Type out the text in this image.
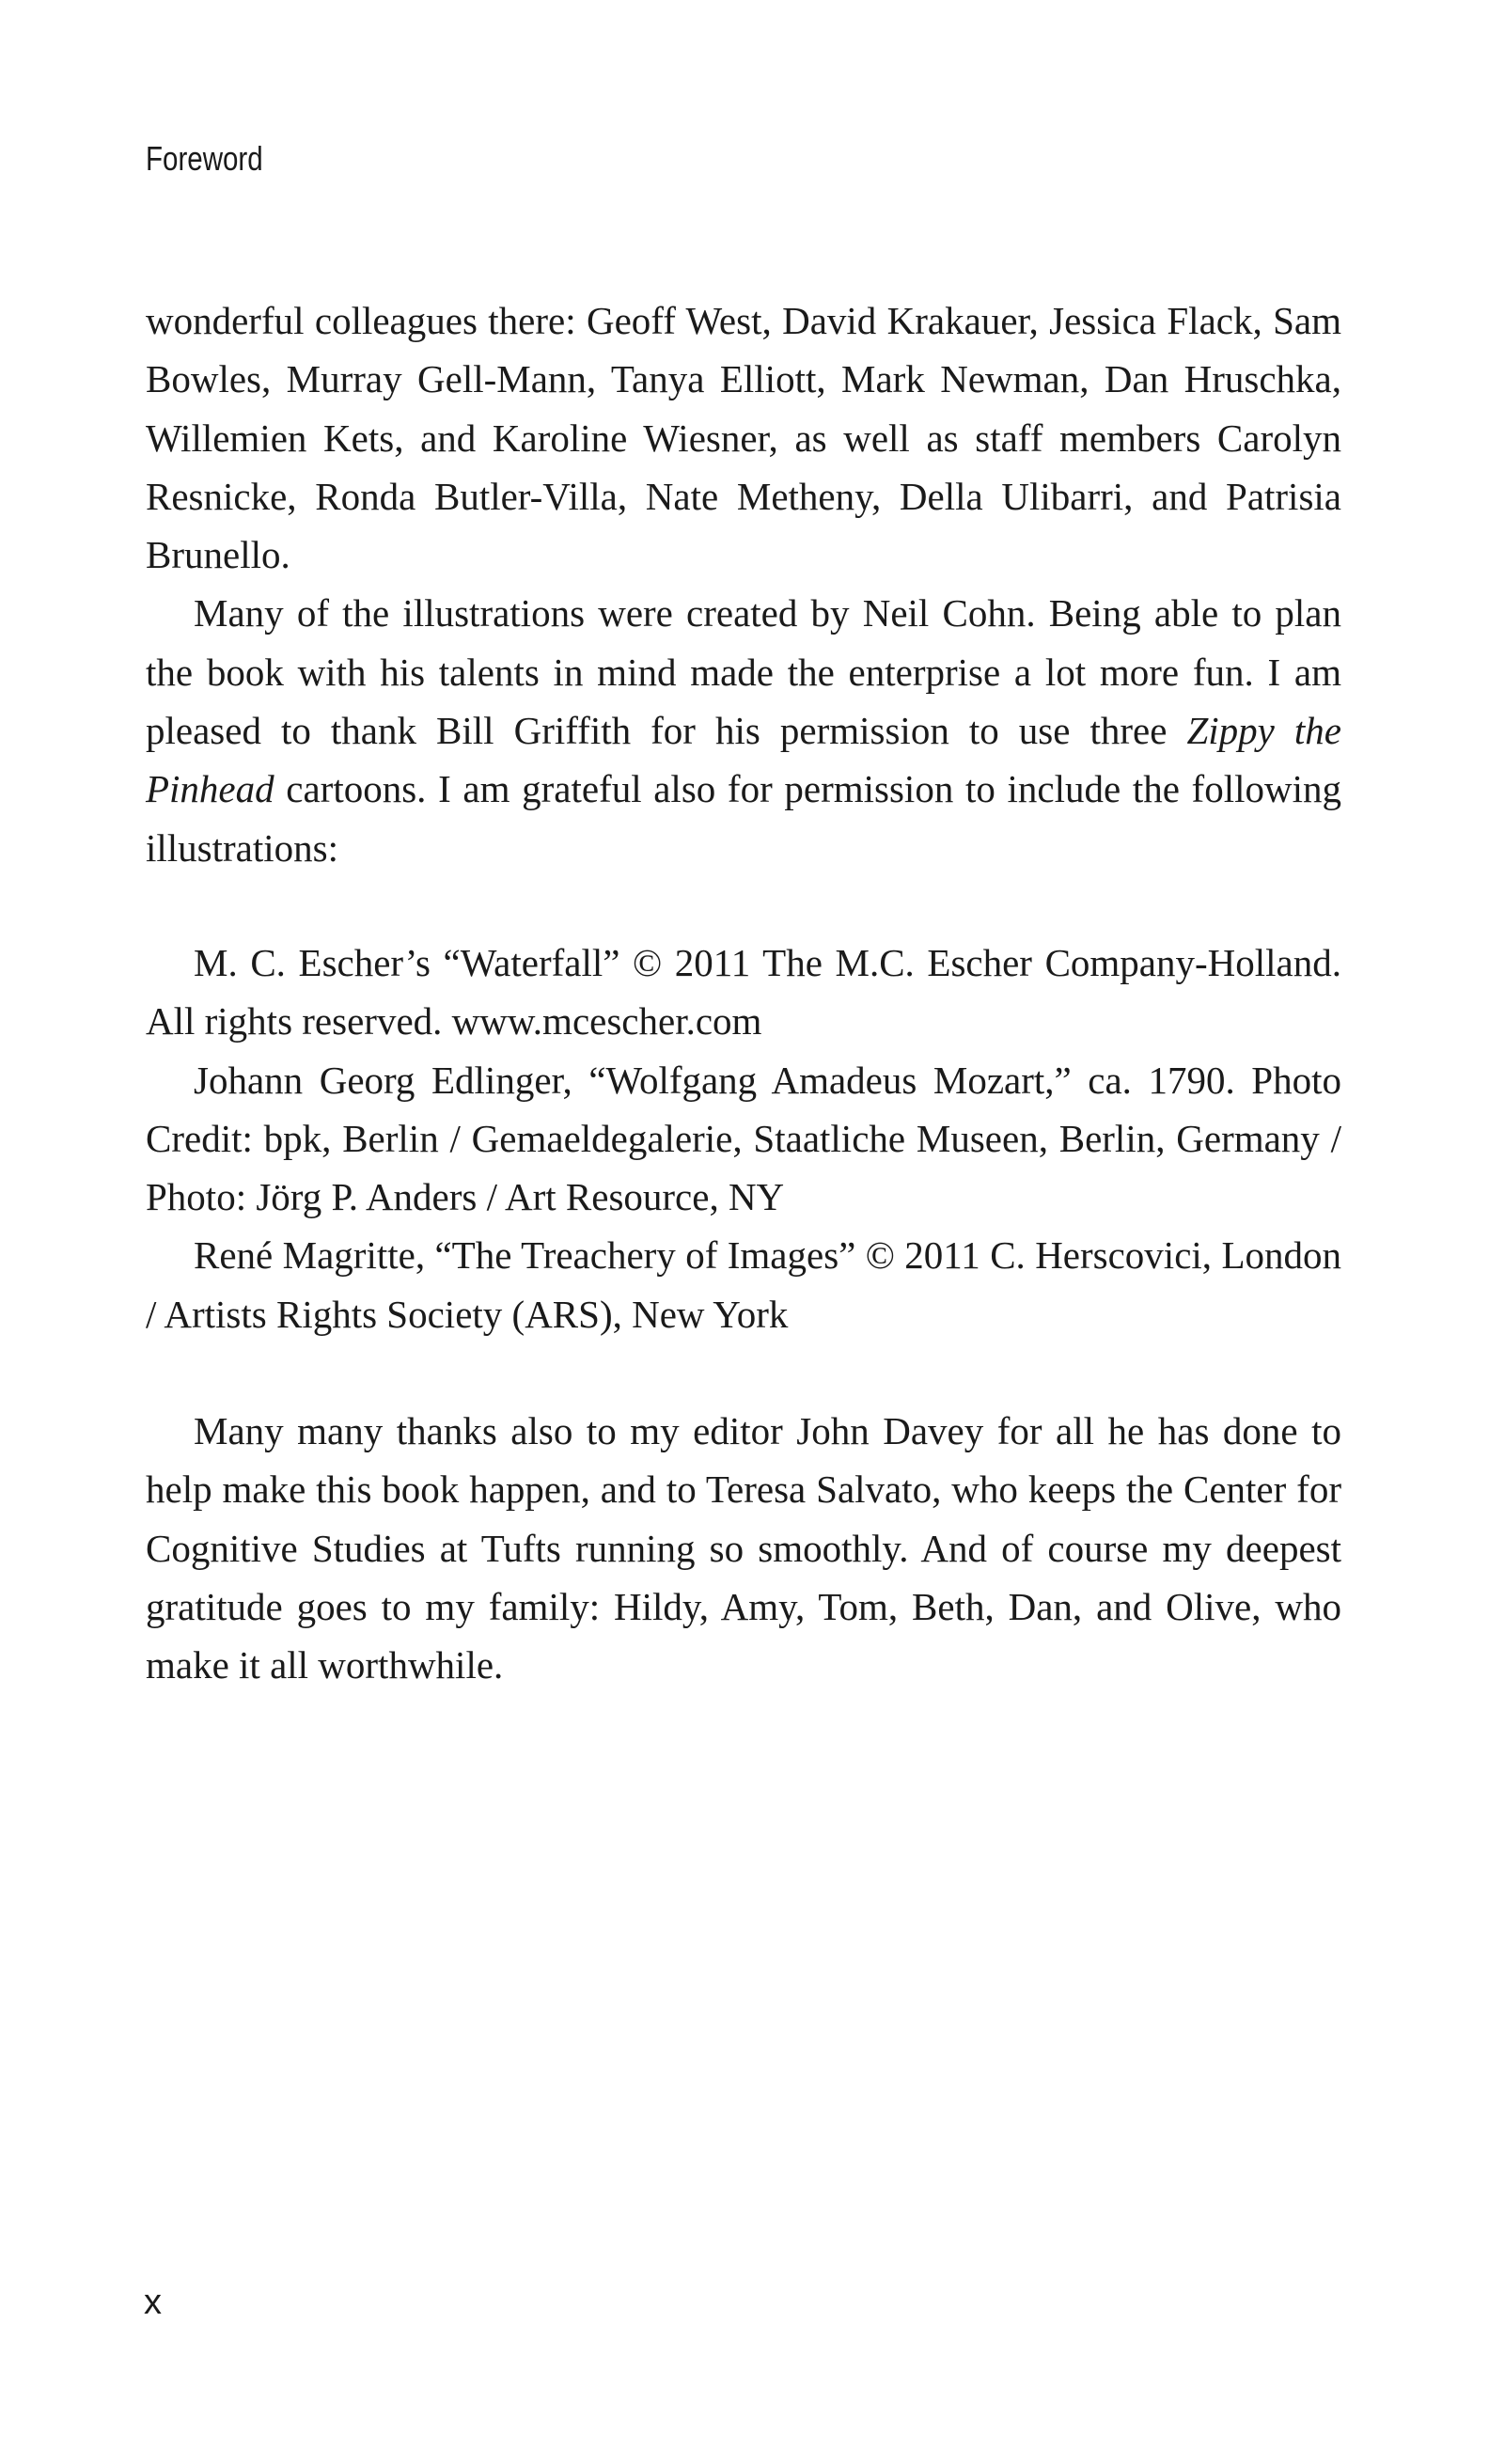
Foreword

wonderful colleagues there: Geoff West, David Krakauer, Jessica Flack, Sam Bowles, Murray Gell-Mann, Tanya Elliott, Mark Newman, Dan Hruschka, Willemien Kets, and Karoline Wiesner, as well as staff members Carolyn Resnicke, Ronda Butler-Villa, Nate Metheny, Della Ulibarri, and Patrisia Brunello.

Many of the illustrations were created by Neil Cohn. Being able to plan the book with his talents in mind made the enterprise a lot more fun. I am pleased to thank Bill Griffith for his permission to use three Zippy the Pinhead cartoons. I am grateful also for permission to include the following illustrations:

M. C. Escher’s “Waterfall” © 2011 The M.C. Escher Company-Holland. All rights reserved. www.mcescher.com

Johann Georg Edlinger, “Wolfgang Amadeus Mozart,” ca. 1790. Photo Credit: bpk, Berlin / Gemaeldegalerie, Staatliche Museen, Berlin, Germany / Photo: Jörg P. Anders / Art Resource, NY

René Magritte, “The Treachery of Images” © 2011 C. Herscovici, London / Artists Rights Society (ARS), New York

Many many thanks also to my editor John Davey for all he has done to help make this book happen, and to Teresa Salvato, who keeps the Center for Cognitive Studies at Tufts running so smoothly. And of course my deepest gratitude goes to my family: Hildy, Amy, Tom, Beth, Dan, and Olive, who make it all worthwhile.

x
